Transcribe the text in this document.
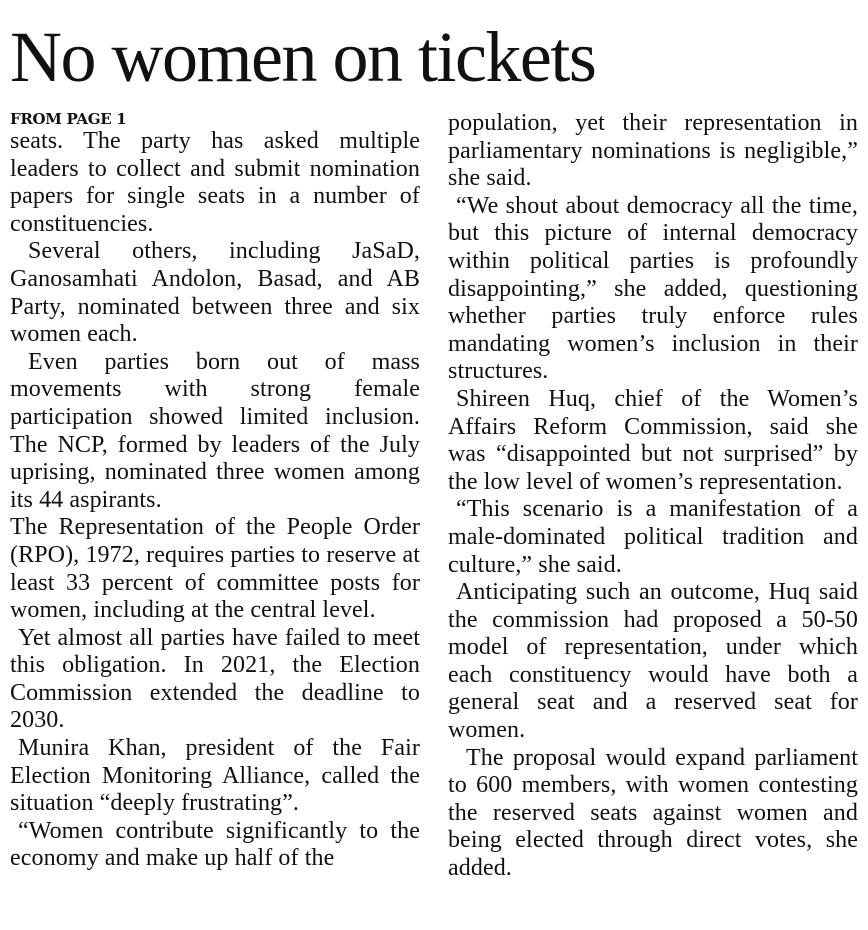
No women on tickets
FROM PAGE 1

seats. The party has asked multiple leaders to collect and submit nomination papers for single seats in a number of constituencies.

Several others, including JaSaD, Ganosamhati Andolon, Basad, and AB Party, nominated between three and six women each.

Even parties born out of mass movements with strong female participation showed limited inclusion. The NCP, formed by leaders of the July uprising, nominated three women among its 44 aspirants.

The Representation of the People Order (RPO), 1972, requires parties to reserve at least 33 percent of committee posts for women, including at the central level.

Yet almost all parties have failed to meet this obligation. In 2021, the Election Commission extended the deadline to 2030.

Munira Khan, president of the Fair Election Monitoring Alliance, called the situation “deeply frustrating”.

“Women contribute significantly to the economy and make up half of the

population, yet their representation in parliamentary nominations is negligible,” she said.

“We shout about democracy all the time, but this picture of internal democracy within political parties is profoundly disappointing,” she added, questioning whether parties truly enforce rules mandating women’s inclusion in their structures.

Shireen Huq, chief of the Women’s Affairs Reform Commission, said she was “disappointed but not surprised” by the low level of women’s representation.

“This scenario is a manifestation of a male-dominated political tradition and culture,” she said.

Anticipating such an outcome, Huq said the commission had proposed a 50-50 model of representation, under which each constituency would have both a general seat and a reserved seat for women.

The proposal would expand parliament to 600 members, with women contesting the reserved seats against women and being elected through direct votes, she added.
